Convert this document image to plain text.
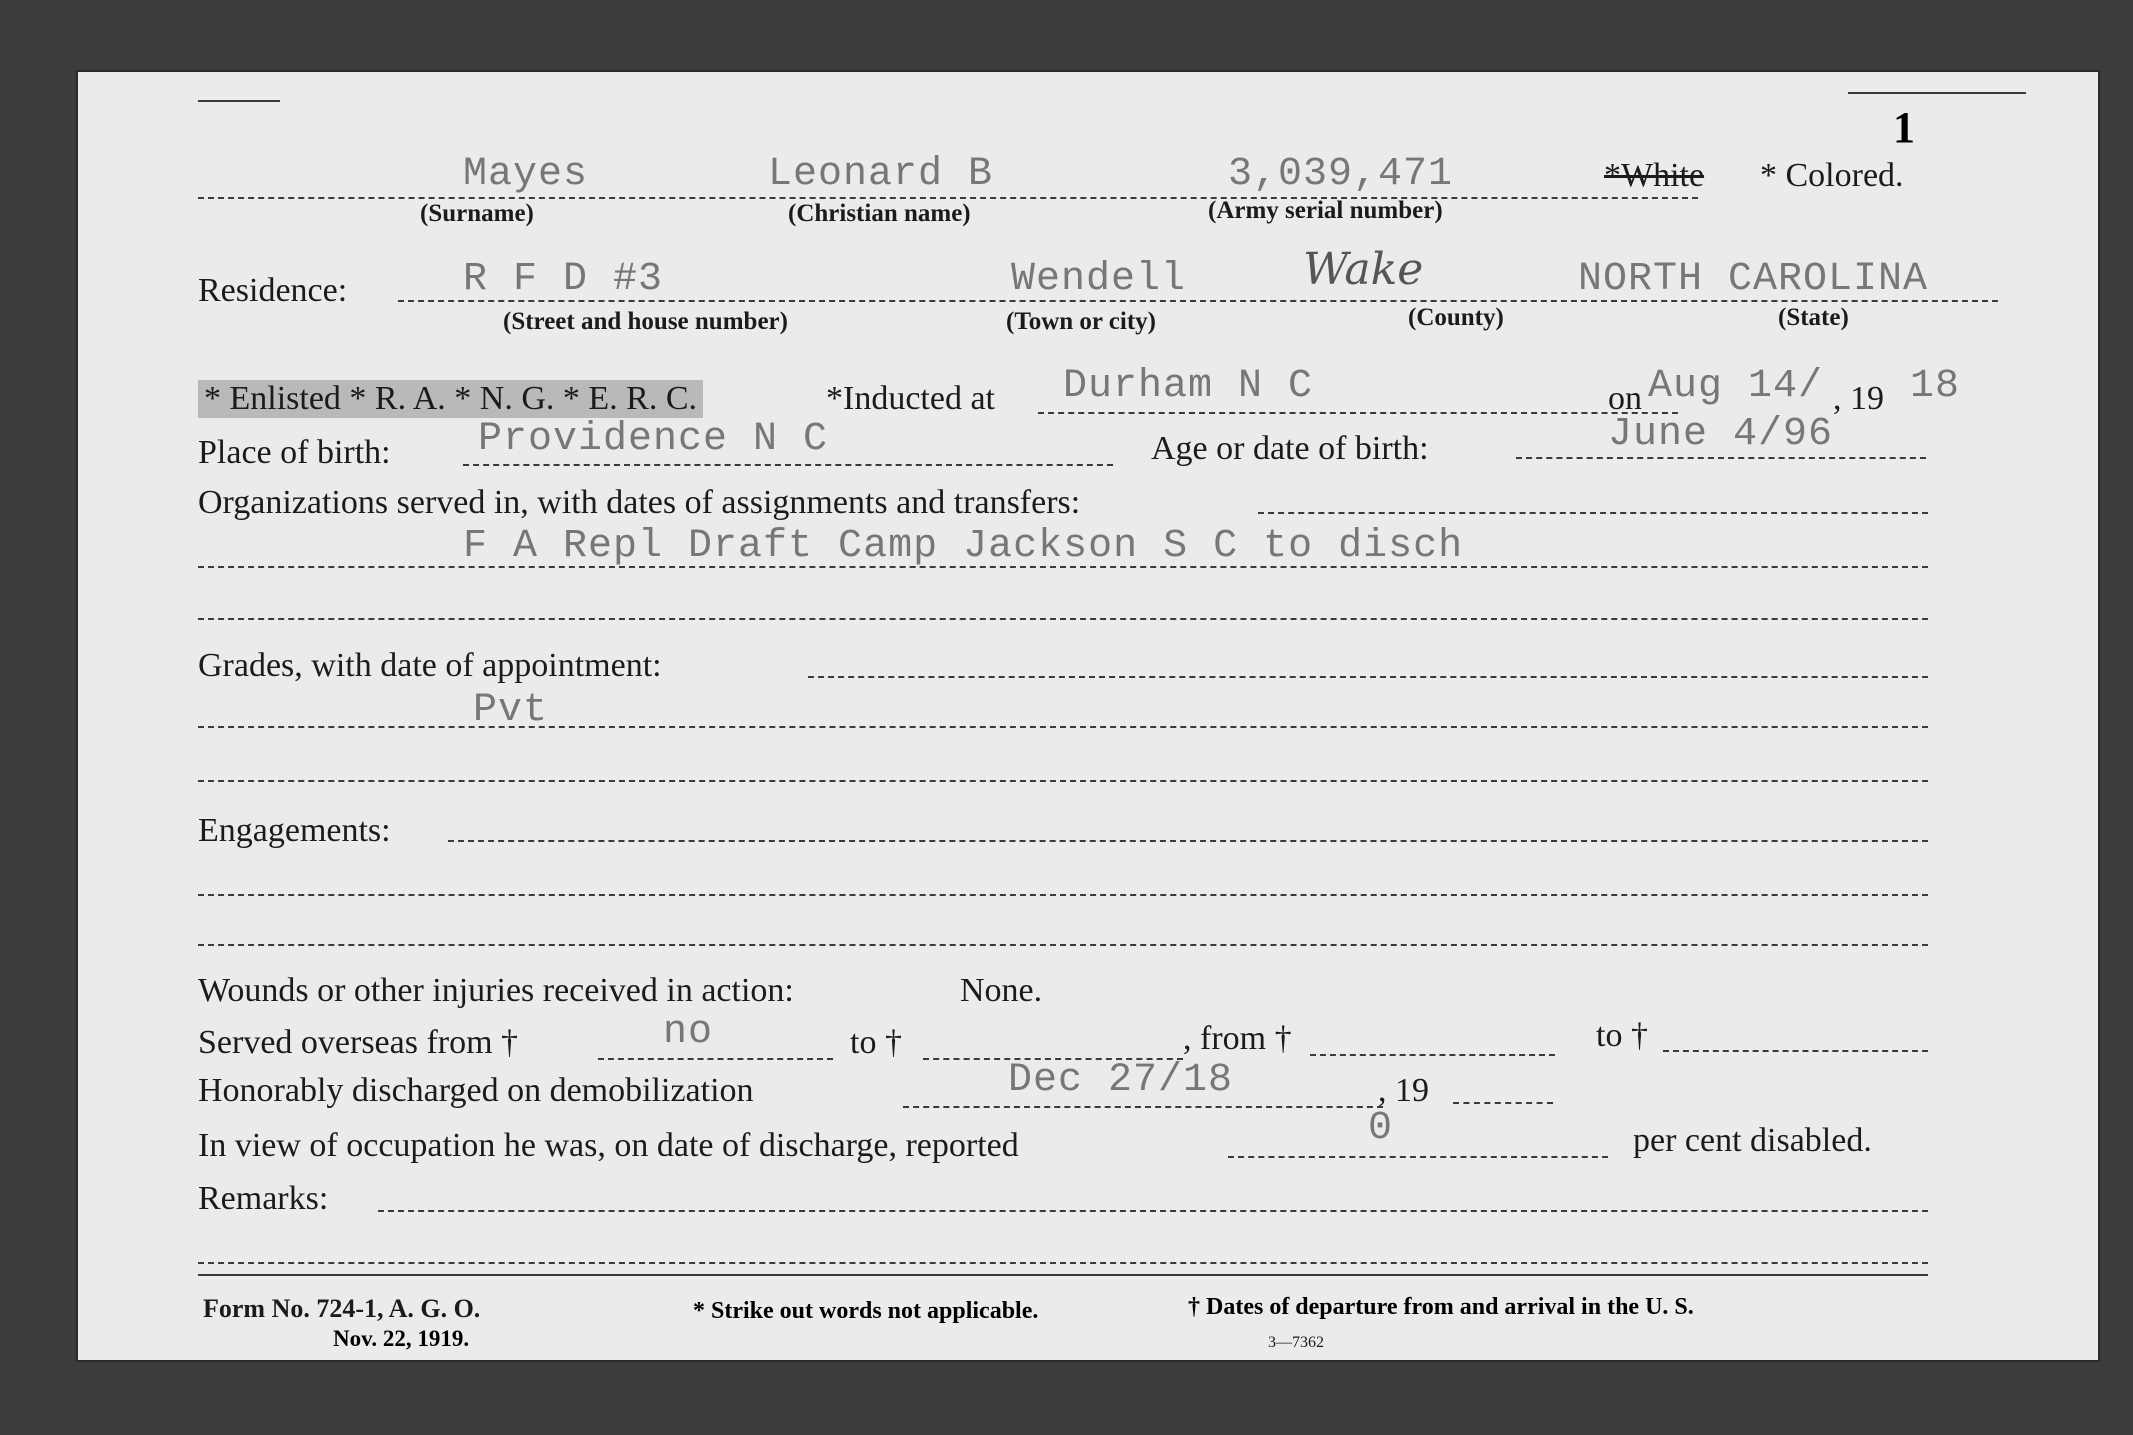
1
Mayes	Leonard B	3,039,471	*White * Colored.
(Surname)	(Christian name)	(Army serial number)
Residence:	R F D #3	Wendell	Wake	NORTH CAROLINA
(Street and house number)	(Town or city)	(County)	(State)
* Enlisted * R. A. * N. G. * E. R. C.	*Inducted at Durham N C	on Aug 14/ , 19 18
Place of birth: Providence N C	Age or date of birth:	June 4/96
Organizations served in, with dates of assignments and transfers:
F A Repl Draft Camp Jackson S C to disch
Grades, with date of appointment:
Pvt
Engagements:
Wounds or other injuries received in action:	None.
Served overseas from †	no	to †	, from †	to †
Honorably discharged on demobilization	Dec 27/18	, 19
In view of occupation he was, on date of discharge, reported	0	per cent disabled.
Remarks:
Form No. 724-1, A. G. O.
Nov. 22, 1919.
* Strike out words not applicable.	† Dates of departure from and arrival in the U. S.
3—7362
